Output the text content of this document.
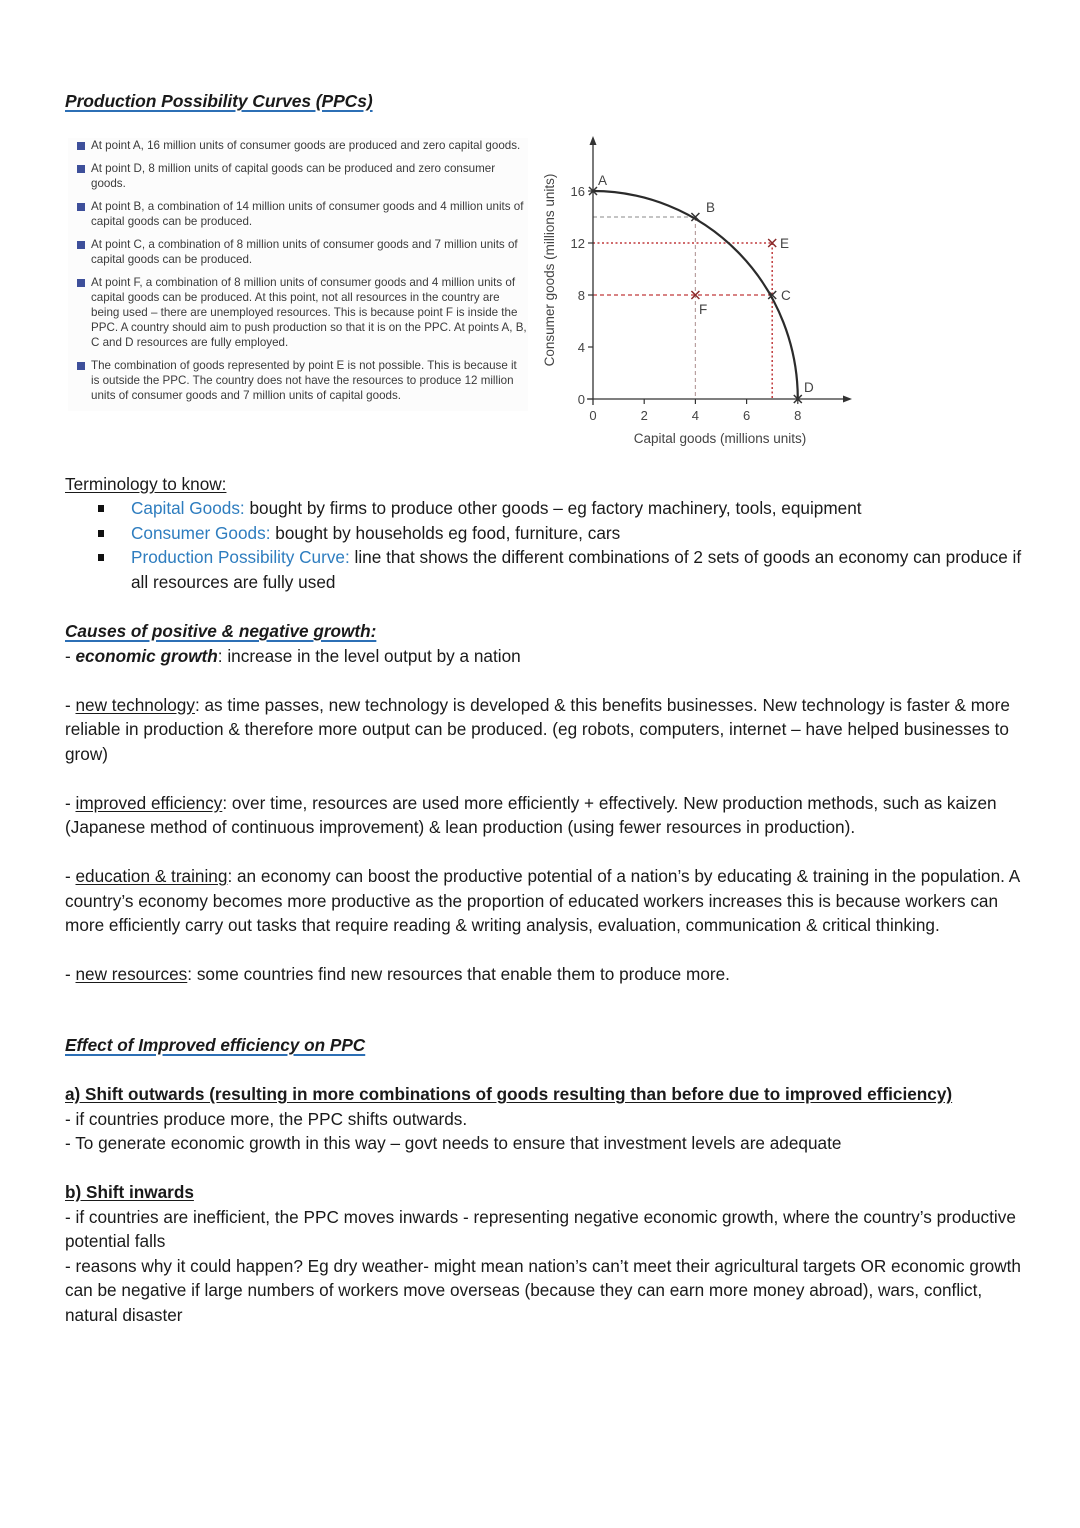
Production Possibility Curves (PPCs)
At point A, 16 million units of consumer goods are produced and zero capital goods.
At point D, 8 million units of capital goods can be produced and zero consumer goods.
At point B, a combination of 14 million units of consumer goods and 4 million units of capital goods can be produced.
At point C, a combination of 8 million units of consumer goods and 7 million units of capital goods can be produced.
At point F, a combination of 8 million units of consumer goods and 4 million units of capital goods can be produced. At this point, not all resources in the country are being used – there are unemployed resources. This is because point F is inside the PPC. A country should aim to push production so that it is on the PPC. At points A, B, C and D resources are fully employed.
The combination of goods represented by point E is not possible. This is because it is outside the PPC. The country does not have the resources to produce 12 million units of consumer goods and 7 million units of capital goods.	0
4
8
12
16
0	2	4	6	8
Capital goods (millions units)
Consumer goods (millions units)	A
B
C
D
E
F
Terminology to know:
Capital Goods: bought by firms to produce other goods – eg factory machinery, tools, equipment
Consumer Goods: bought by households eg food, furniture, cars
Production Possibility Curve: line that shows the different combinations of 2 sets of goods an economy can produce if all resources are fully used
Causes of positive & negative growth:
- economic growth: increase in the level output by a nation
- new technology: as time passes, new technology is developed & this benefits businesses. New technology is faster & more reliable in production & therefore more output can be produced. (eg robots, computers, internet – have helped businesses to grow)
- improved efficiency: over time, resources are used more efficiently + effectively. New production methods, such as kaizen (Japanese method of continuous improvement) & lean production (using fewer resources in production).
- education & training: an economy can boost the productive potential of a nation’s by educating & training in the population. A country’s economy becomes more productive as the proportion of educated workers increases this is because workers can more efficiently carry out tasks that require reading & writing analysis, evaluation, communication & critical thinking.
- new resources: some countries find new resources that enable them to produce more.
Effect of Improved efficiency on PPC
a) Shift outwards (resulting in more combinations of goods resulting than before due to improved efficiency)
- if countries produce more, the PPC shifts outwards.
- To generate economic growth in this way – govt needs to ensure that investment levels are adequate
b) Shift inwards
- if countries are inefficient, the PPC moves inwards - representing negative economic growth, where the country’s productive potential falls
- reasons why it could happen? Eg dry weather- might mean nation’s can’t meet their agricultural targets OR economic growth can be negative if large numbers of workers move overseas (because they can earn more money abroad), wars, conflict, natural disaster
